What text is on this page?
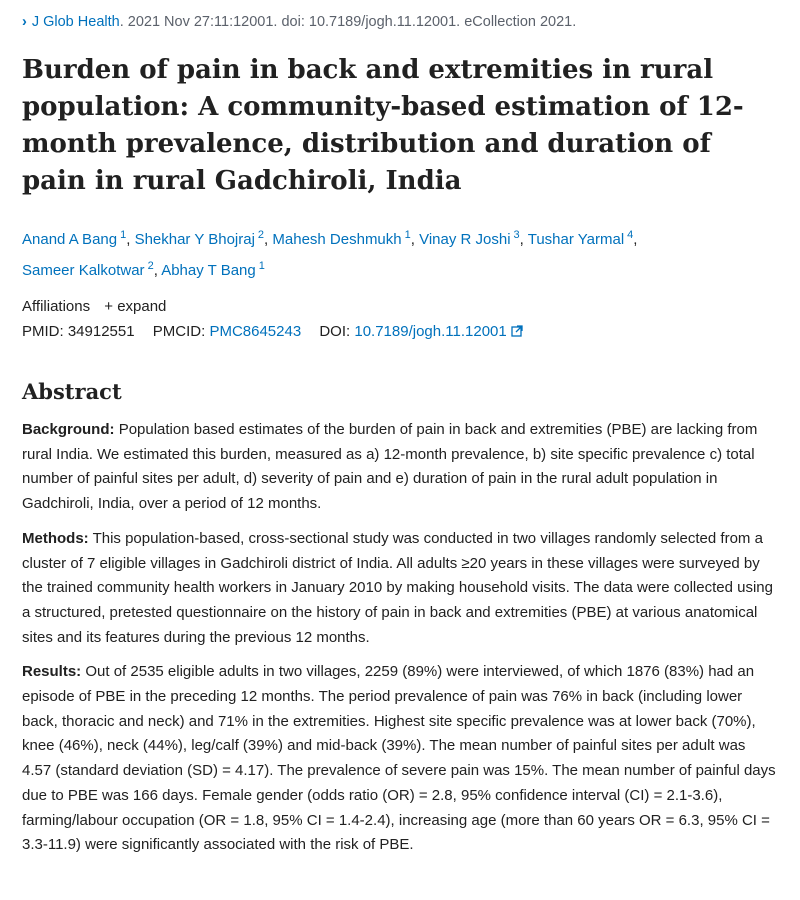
› J Glob Health. 2021 Nov 27:11:12001. doi: 10.7189/jogh.11.12001. eCollection 2021.
Burden of pain in back and extremities in rural population: A community-based estimation of 12-month prevalence, distribution and duration of pain in rural Gadchiroli, India
Anand A Bang $^1$, Shekhar Y Bhojraj $^2$, Mahesh Deshmukh $^1$, Vinay R Joshi $^3$, Tushar Yarmal $^4$,
Sameer Kalkotwar $^2$, Abhay T Bang $^1$
Affiliations + expand
PMID: 34912551 PMCID: PMC8645243 DOI: 10.7189/jogh.11.12001
Abstract

Background: Population based estimates of the burden of pain in back and extremities (PBE) are lacking from rural India. We estimated this burden, measured as a) 12-month prevalence, b) site specific prevalence c) total number of painful sites per adult, d) severity of pain and e) duration of pain in the rural adult population in Gadchiroli, India, over a period of 12 months.

Methods: This population-based, cross-sectional study was conducted in two villages randomly selected from a cluster of 7 eligible villages in Gadchiroli district of India. All adults ≥20 years in these villages were surveyed by the trained community health workers in January 2010 by making household visits. The data were collected using a structured, pretested questionnaire on the history of pain in back and extremities (PBE) at various anatomical sites and its features during the previous 12 months.

Results: Out of 2535 eligible adults in two villages, 2259 (89%) were interviewed, of which 1876 (83%) had an episode of PBE in the preceding 12 months. The period prevalence of pain was 76% in back (including lower back, thoracic and neck) and 71% in the extremities. Highest site specific prevalence was at lower back (70%), knee (46%), neck (44%), leg/calf (39%) and mid-back (39%). The mean number of painful sites per adult was 4.57 (standard deviation (SD) = 4.17). The prevalence of severe pain was 15%. The mean number of painful days due to PBE was 166 days. Female gender (odds ratio (OR) = 2.8, 95% confidence interval (CI) = 2.1-3.6), farming/labour occupation (OR = 1.8, 95% CI = 1.4-2.4), increasing age (more than 60 years OR = 6.3, 95% CI = 3.3-11.9) were significantly associated with the risk of PBE.
